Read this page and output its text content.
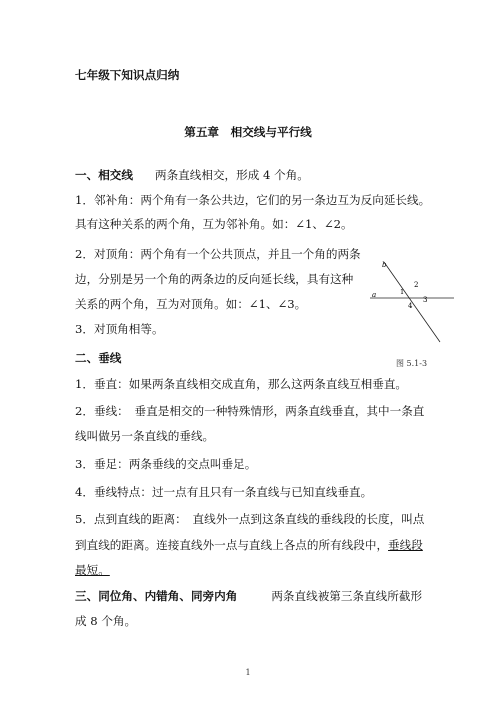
七年级下知识点归纳
第五章　相交线与平行线
一、相交线 两条直线相交，形成 4 个角。
1．邻补角：两个角有一条公共边，它们的另一条边互为反向延长线。
具有这种关系的两个角，互为邻补角。如：∠1、∠2。
2．对顶角：两个角有一个公共顶点，并且一个角的两条
边，分别是另一个角的两条边的反向延长线，具有这种
关系的两个角，互为对顶角。如：∠1、∠3。
3．对顶角相等。
b
a	1
2
3
4
图 5.1-3
二、垂线
1．垂直：如果两条直线相交成直角，那么这两条直线互相垂直。
2．垂线：　垂直是相交的一种特殊情形，两条直线垂直，其中一条直
线叫做另一条直线的垂线。
3．垂足：两条垂线的交点叫垂足。
4．垂线特点：过一点有且只有一条直线与已知直线垂直。
5．点到直线的距离：　直线外一点到这条直线的垂线段的长度，叫点
到直线的距离。连接直线外一点与直线上各点的所有线段中，垂线段
最短。
三、同位角、内错角、同旁内角	两条直线被第三条直线所截形
成 8 个角。
1
